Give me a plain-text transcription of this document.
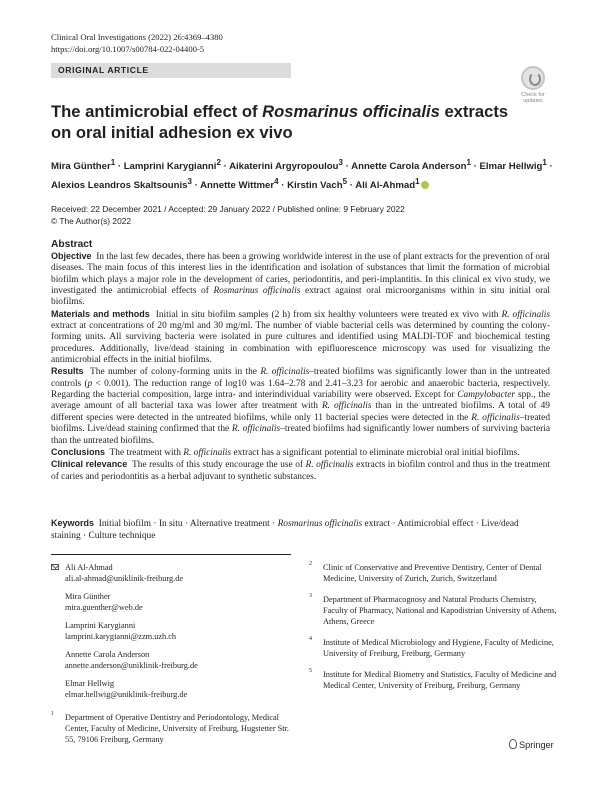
Clinical Oral Investigations (2022) 26:4369–4380
https://doi.org/10.1007/s00784-022-04400-5
ORIGINAL ARTICLE
Check for updates
The antimicrobial effect of Rosmarinus officinalis extracts on oral initial adhesion ex vivo
Mira Günther$^1$ · Lamprini Karygianni$^2$ · Aikaterini Argyropoulou$^3$ · Annette Carola Anderson$^1$ · Elmar Hellwig$^1$ ·
Alexios Leandros Skaltsounis$^3$ · Annette Wittmer$^4$ · Kirstin Vach$^5$ · Ali Al-Ahmad$^1$
Received: 22 December 2021 / Accepted: 29 January 2022 / Published online: 9 February 2022
© The Author(s) 2022
Abstract

Objective In the last few decades, there has been a growing worldwide interest in the use of plant extracts for the prevention of oral diseases. The main focus of this interest lies in the identification and isolation of substances that limit the formation of microbial biofilm which plays a major role in the development of caries, periodontitis, and peri-implantitis. In this clinical ex vivo study, we investigated the antimicrobial effects of Rosmarinus officinalis extract against oral microorganisms within in situ initial oral biofilms.

Materials and methods Initial in situ biofilm samples (2 h) from six healthy volunteers were treated ex vivo with R. officinalis extract at concentrations of 20 mg/ml and 30 mg/ml. The number of viable bacterial cells was determined by counting the colony-forming units. All surviving bacteria were isolated in pure cultures and identified using MALDI-TOF and biochemical testing procedures. Additionally, live/dead staining in combination with epifluorescence microscopy was used for visualizing the antimicrobial effects in the initial biofilms.

Results The number of colony-forming units in the R. officinalis–treated biofilms was significantly lower than in the untreated controls (p < 0.001). The reduction range of log10 was 1.64–2.78 and 2.41–3.23 for aerobic and anaerobic bacteria, respectively. Regarding the bacterial composition, large intra- and interindividual variability were observed. Except for Campylobacter spp., the average amount of all bacterial taxa was lower after treatment with R. officinalis than in the untreated biofilms. A total of 49 different species were detected in the untreated biofilms, while only 11 bacterial species were detected in the R. officinalis–treated biofilms. Live/dead staining confirmed that the R. officinalis–treated biofilms had significantly lower numbers of surviving bacteria than the untreated biofilms.

Conclusions The treatment with R. officinalis extract has a significant potential to eliminate microbial oral initial biofilms.

Clinical relevance The results of this study encourage the use of R. officinalis extracts in biofilm control and thus in the treatment of caries and periodontitis as a herbal adjuvant to synthetic substances.

Keywords Initial biofilm · In situ · Alternative treatment · Rosmarinus officinalis extract · Antimicrobial effect · Live/dead staining · Culture technique
Ali Al-Ahmad
ali.al-ahmad@uniklinik-freiburg.de
Mira Günther
mira.guenther@web.de
Lamprini Karygianni
lamprini.karygianni@zzm.uzh.ch
Annette Carola Anderson
annette.anderson@uniklinik-freiburg.de
Elmar Hellwig
elmar.hellwig@uniklinik-freiburg.de
1 Department of Operative Dentistry and Periodontology, Medical Center, Faculty of Medicine, University of Freiburg, Hugstetter Str. 55, 79106 Freiburg, Germany
2 Clinic of Conservative and Preventive Dentistry, Center of Dental Medicine, University of Zurich, Zurich, Switzerland
3 Department of Pharmacognosy and Natural Products Chemistry, Faculty of Pharmacy, National and Kapodistrian University of Athens, Athens, Greece
4 Institute of Medical Microbiology and Hygiene, Faculty of Medicine, University of Freiburg, Freiburg, Germany
5 Institute for Medical Biometry and Statistics, Faculty of Medicine and Medical Center, University of Freiburg, Freiburg, Germany
Springer
